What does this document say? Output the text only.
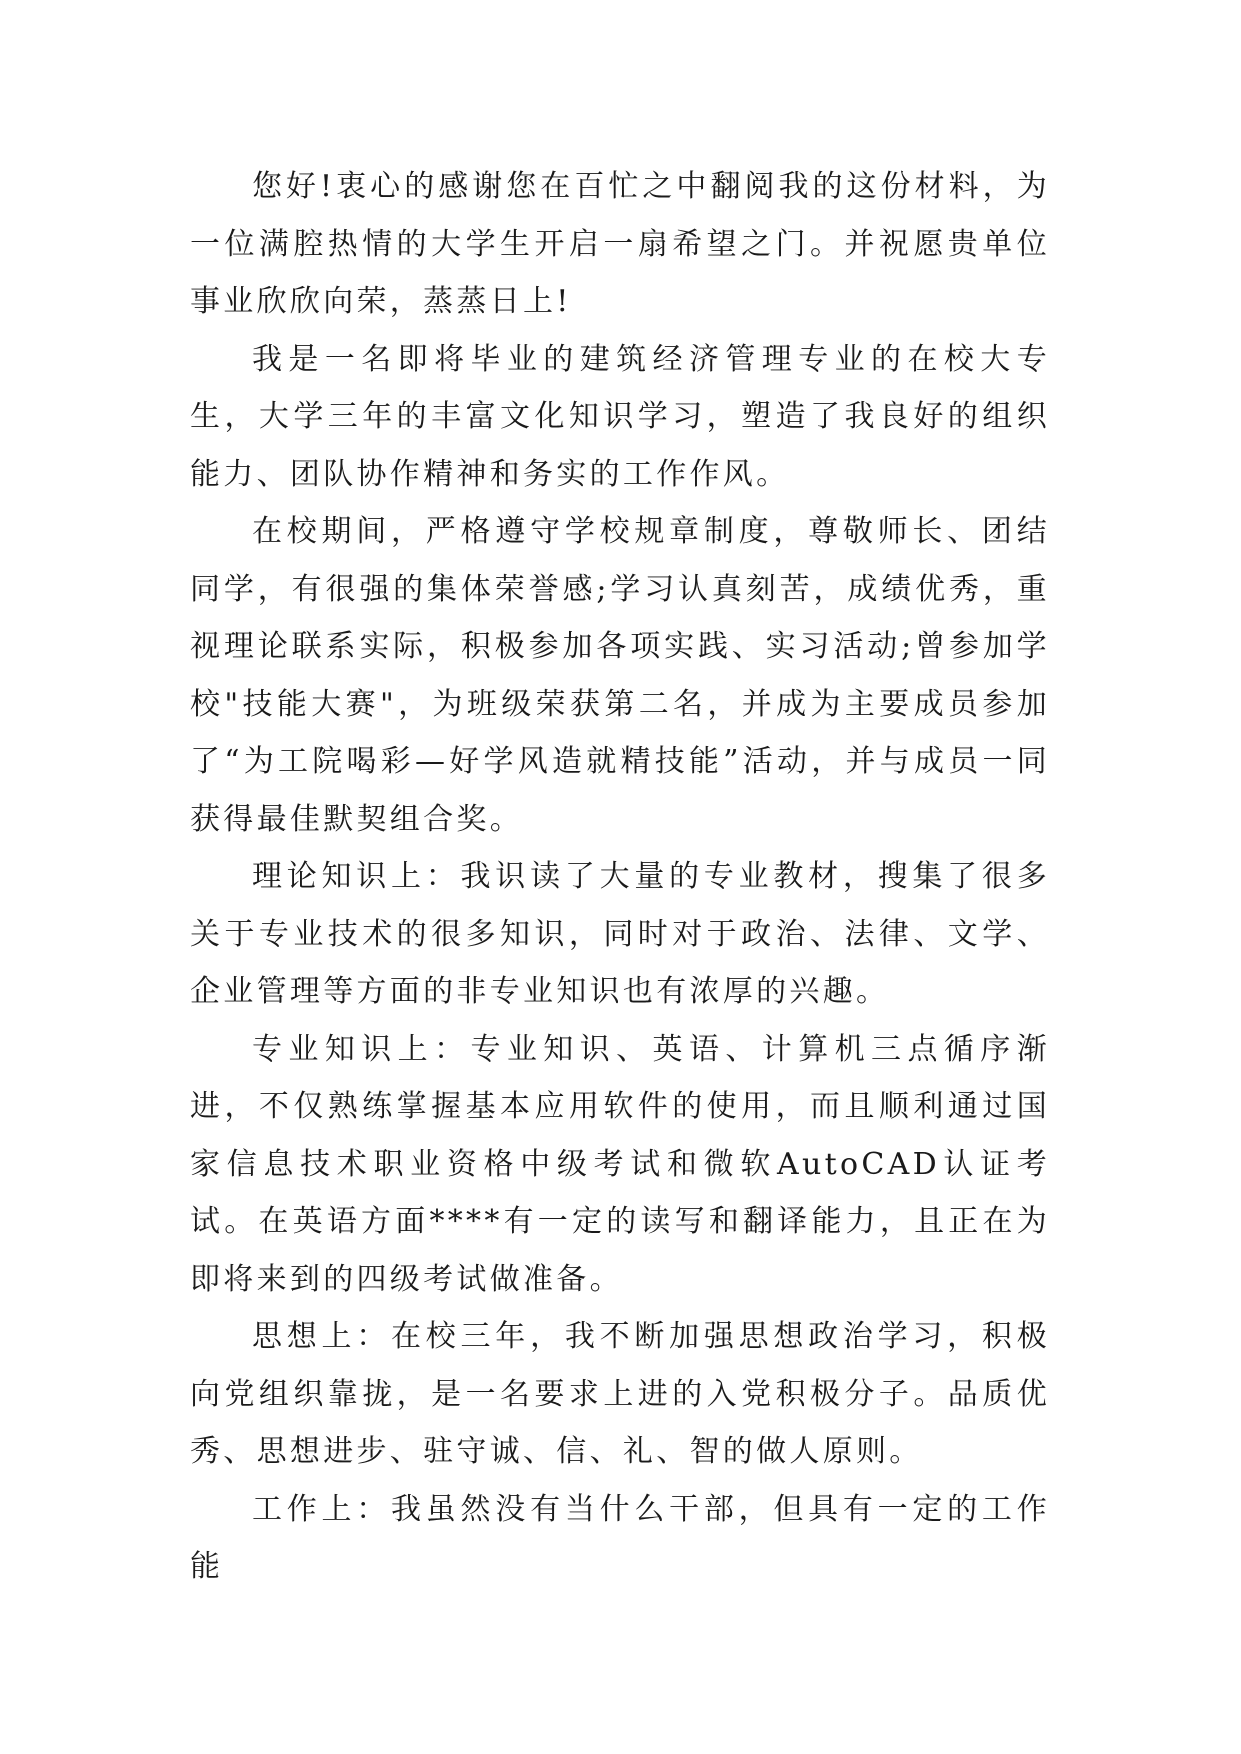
您好!衷心的感谢您在百忙之中翻阅我的这份材料，为一位满腔热情的大学生开启一扇希望之门。并祝愿贵单位事业欣欣向荣，蒸蒸日上!

我是一名即将毕业的建筑经济管理专业的在校大专生，大学三年的丰富文化知识学习，塑造了我良好的组织能力、团队协作精神和务实的工作作风。

在校期间，严格遵守学校规章制度，尊敬师长、团结同学，有很强的集体荣誉感;学习认真刻苦，成绩优秀，重视理论联系实际，积极参加各项实践、实习活动;曾参加学校"技能大赛"，为班级荣获第二名，并成为主要成员参加了“为工院喝彩—好学风造就精技能”活动，并与成员一同获得最佳默契组合奖。

理论知识上：我识读了大量的专业教材，搜集了很多关于专业技术的很多知识，同时对于政治、法律、文学、企业管理等方面的非专业知识也有浓厚的兴趣。

专业知识上：专业知识、英语、计算机三点循序渐进，不仅熟练掌握基本应用软件的使用，而且顺利通过国家信息技术职业资格中级考试和微软AutoCAD认证考试。在英语方面****有一定的读写和翻译能力，且正在为即将来到的四级考试做准备。

思想上：在校三年，我不断加强思想政治学习，积极向党组织靠拢，是一名要求上进的入党积极分子。品质优秀、思想进步、驻守诚、信、礼、智的做人原则。

工作上：我虽然没有当什么干部，但具有一定的工作能
